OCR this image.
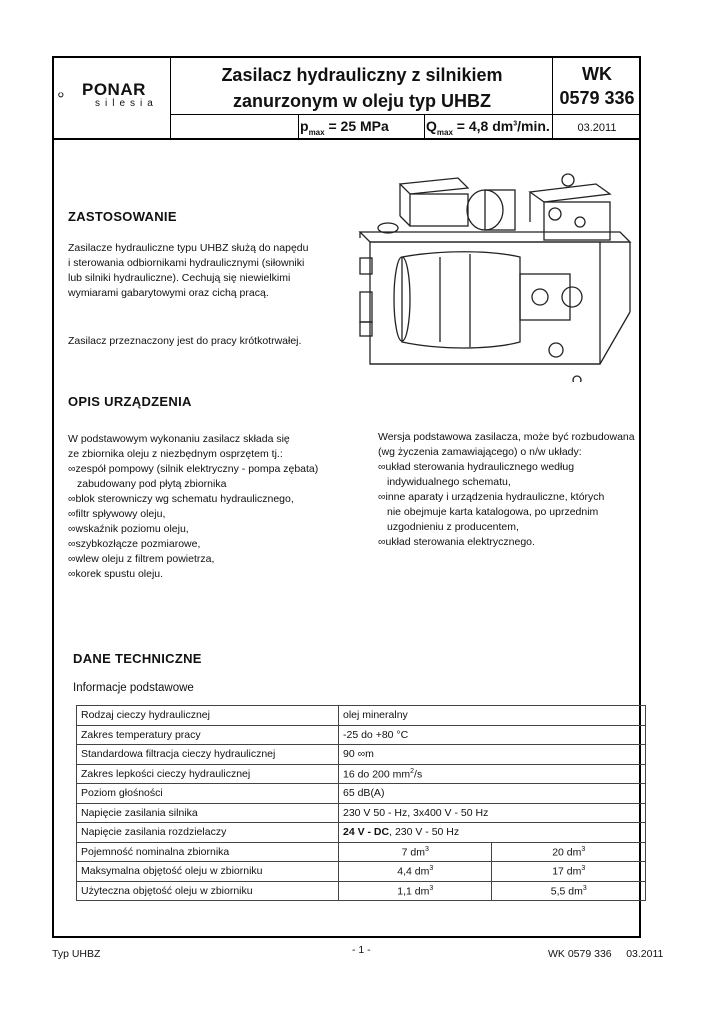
PONAR
silesia
Zasilacz hydrauliczny z silnikiem
zanurzonym w oleju typ UHBZ
WK
0579 336
$p_{max} = 25$ MPa	$Q_{max} = 4,8$ $dm^3/\min$.	03.2011
ZASTOSOWANIE
Zasilacze hydrauliczne typu UHBZ służą do napędu
i sterowania odbiornikami hydraulicznymi (siłowniki
lub silniki hydrauliczne). Cechują się niewielkimi
wymiarami gabarytowymi oraz cichą pracą.
Zasilacz przeznaczony jest do pracy krótkotrwałej.
OPIS URZĄDZENIA
W podstawowym wykonaniu zasilacz składa się
ze zbiornika oleju z niezbędnym osprzętem tj.:
∞zespół pompowy (silnik elektryczny - pompa zębata)
zabudowany pod płytą zbiornika
∞blok sterowniczy wg schematu hydraulicznego,
∞filtr spływowy oleju,
∞wskaźnik poziomu oleju,
∞szybkozłącze pozmiarowe,
∞wlew oleju z filtrem powietrza,
∞korek spustu oleju.
Wersja podstawowa zasilacza, może być rozbudowana
(wg życzenia zamawiającego) o n/w układy:
∞układ sterowania hydraulicznego według
indywidualnego schematu,
∞inne aparaty i urządzenia hydrauliczne, których
nie obejmuje karta katalogowa, po uprzednim
uzgodnieniu z producentem,
∞układ sterowania elektrycznego.
DANE TECHNICZNE
Informacje podstawowe
Rodzaj cieczy hydraulicznej	olej mineralny	
Zakres temperatury pracy	-25 do +80 °C	
Standardowa filtracja cieczy hydraulicznej	90 ∞m	
Zakres lepkości cieczy hydraulicznej	16 do 200 $mm^2/s$	
Poziom głośności	65 dB(A)	
Napięcie zasilania silnika	230 V 50 - Hz, 3x400 V - 50 Hz	
Napięcie zasilania rozdzielaczy	24 V - DC, 230 V - 50 Hz	
Pojemność nominalna zbiornika	7 $dm^3$	20 $dm^3$
Maksymalna objętość oleju w zbiorniku	4,4 $dm^3$	17 $dm^3$
Użyteczna objętość oleju w zbiorniku	1,1 $dm^3$	5,5 $dm^3$
Typ UHBZ	- 1 -	WK 0579 336     03.2011
